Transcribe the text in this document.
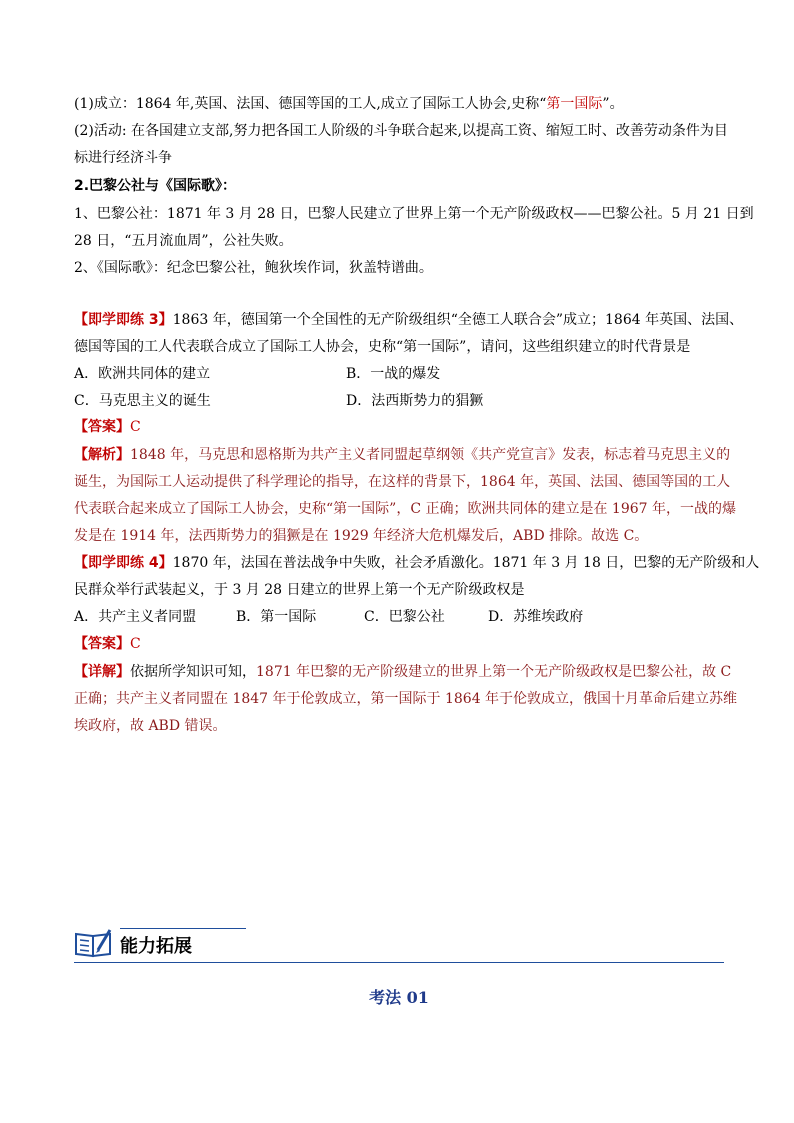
(1)成立：1864 年,英国、法国、德国等国的工人,成立了国际工人协会,史称“第一国际”。
(2)活动: 在各国建立支部,努力把各国工人阶级的斗争联合起来,以提高工资、缩短工时、改善劳动条件为目
标进行经济斗争
2.巴黎公社与《国际歌》：
1、巴黎公社：1871 年 3 月 28 日，巴黎人民建立了世界上第一个无产阶级政权——巴黎公社。5 月 21 日到
28 日，“五月流血周”，公社失败。
2、《国际歌》：纪念巴黎公社，鲍狄埃作词，狄盖特谱曲。
【即学即练 3】1863 年，德国第一个全国性的无产阶级组织“全德工人联合会”成立；1864 年英国、法国、
德国等国的工人代表联合成立了国际工人协会，史称“第一国际”，请问，这些组织建立的时代背景是
A．欧洲共同体的建立	B．一战的爆发
C．马克思主义的诞生	D．法西斯势力的猖獗
【答案】C
【解析】1848 年，马克思和恩格斯为共产主义者同盟起草纲领《共产党宣言》发表，标志着马克思主义的
诞生，为国际工人运动提供了科学理论的指导，在这样的背景下，1864 年，英国、法国、德国等国的工人
代表联合起来成立了国际工人协会，史称“第一国际”，C 正确；欧洲共同体的建立是在 1967 年，一战的爆
发是在 1914 年，法西斯势力的猖獗是在 1929 年经济大危机爆发后，ABD 排除。故选 C。
【即学即练 4】1870 年，法国在普法战争中失败，社会矛盾激化。1871 年 3 月 18 日，巴黎的无产阶级和人
民群众举行武装起义，于 3 月 28 日建立的世界上第一个无产阶级政权是
A．共产主义者同盟	B．第一国际	C．巴黎公社	D．苏维埃政府
【答案】C
【详解】依据所学知识可知，1871 年巴黎的无产阶级建立的世界上第一个无产阶级政权是巴黎公社，故 C
正确；共产主义者同盟在 1847 年于伦敦成立，第一国际于 1864 年于伦敦成立，俄国十月革命后建立苏维
埃政府，故 ABD 错误。
能力拓展
考法 01
